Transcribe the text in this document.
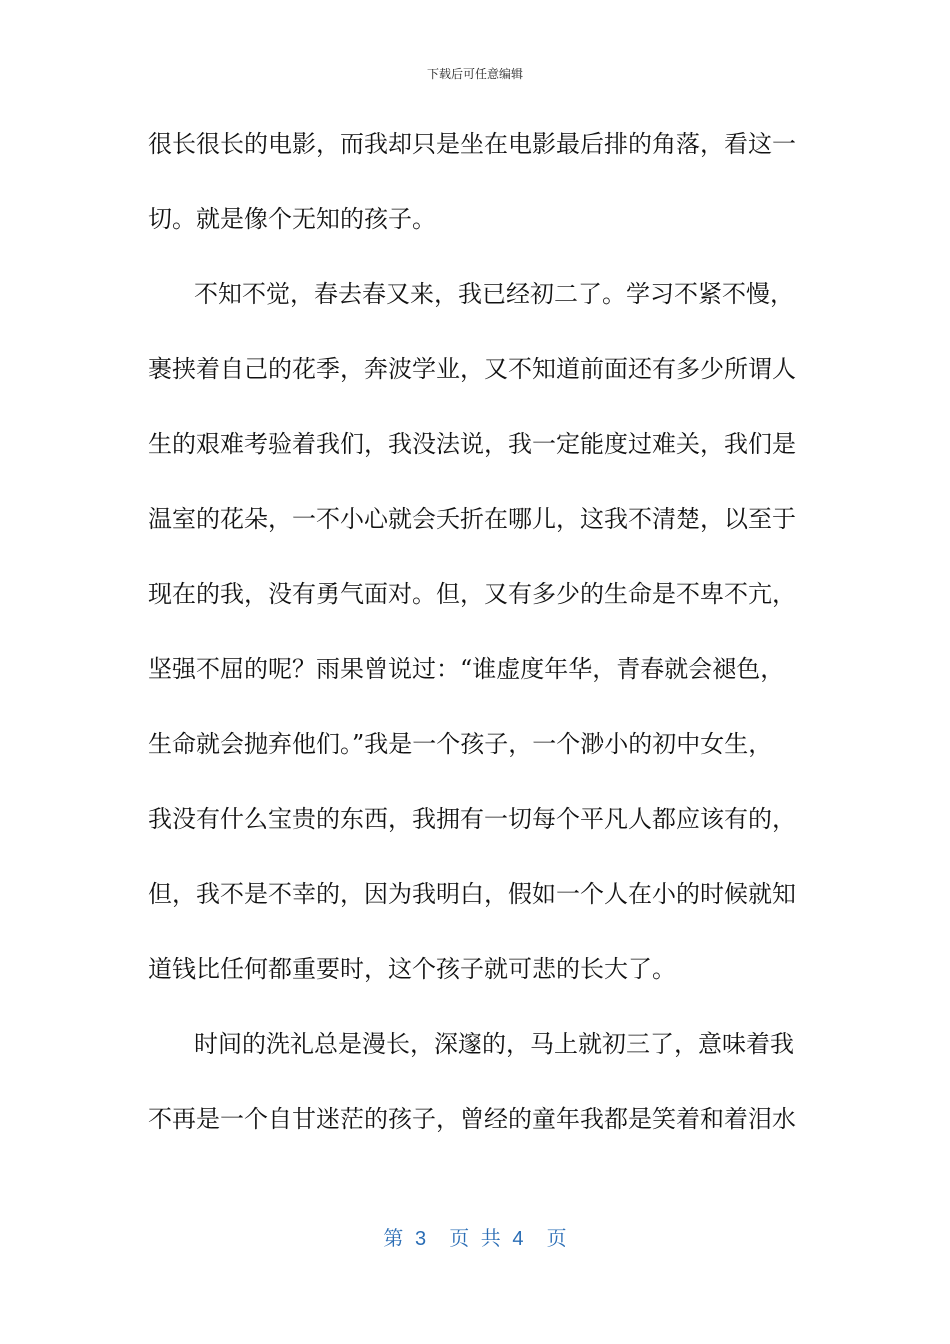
下载后可任意编辑
很长很长的电影，而我却只是坐在电影最后排的角落，看这一
切。就是像个无知的孩子。
不知不觉，春去春又来，我已经初二了。学习不紧不慢，
裹挟着自己的花季，奔波学业，又不知道前面还有多少所谓人
生的艰难考验着我们，我没法说，我一定能度过难关，我们是
温室的花朵，一不小心就会夭折在哪儿，这我不清楚，以至于
现在的我，没有勇气面对。但，又有多少的生命是不卑不亢，
坚强不屈的呢？雨果曾说过：“谁虚度年华，青春就会褪色，
生命就会抛弃他们。”我是一个孩子，一个渺小的初中女生，
我没有什么宝贵的东西，我拥有一切每个平凡人都应该有的，
但，我不是不幸的，因为我明白，假如一个人在小的时候就知
道钱比任何都重要时，这个孩子就可悲的长大了。
时间的洗礼总是漫长，深邃的，马上就初三了，意味着我
不再是一个自甘迷茫的孩子，曾经的童年我都是笑着和着泪水
第 3  页 共 4  页
